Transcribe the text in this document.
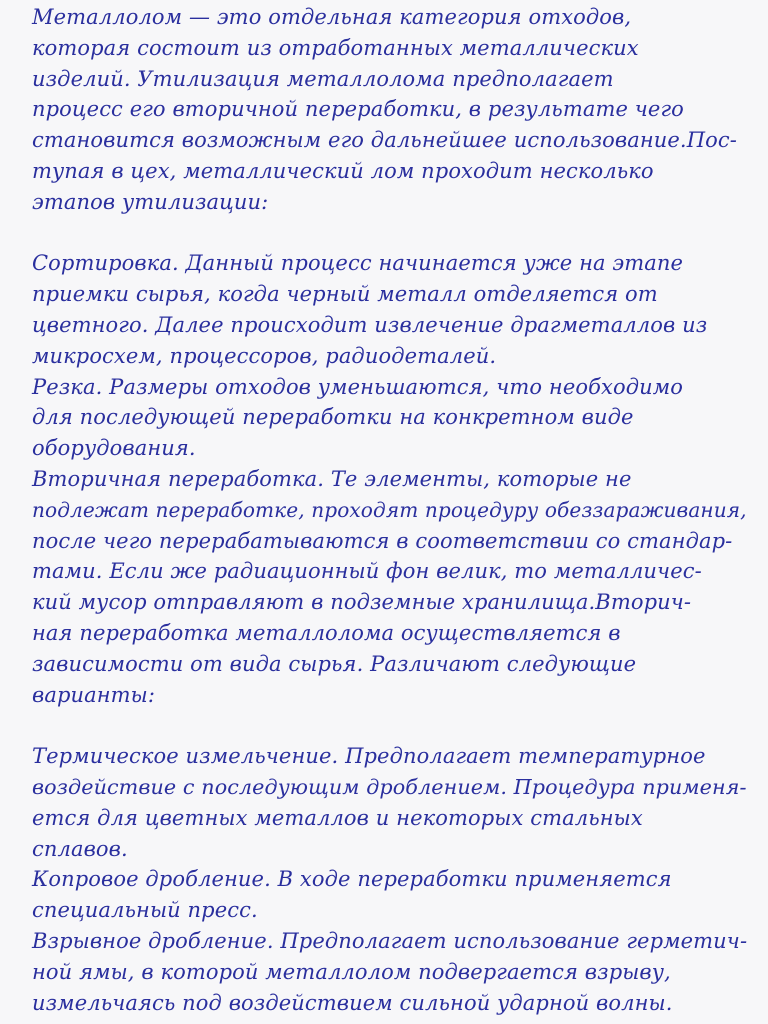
Металлолом — это отдельная категория отходов,
которая состоит из отработанных металлических
изделий. Утилизация металлолома предполагает
процесс его вторичной переработки, в результате чего
становится возможным его дальнейшее использование.Пос-
тупая в цех, металлический лом проходит несколько
этапов утилизации:
Сортировка. Данный процесс начинается уже на этапе
приемки сырья, когда черный металл отделяется от
цветного. Далее происходит извлечение драгметаллов из
микросхем, процессоров, радиодеталей.
Резка. Размеры отходов уменьшаются, что необходимо
для последующей переработки на конкретном виде
оборудования.
Вторичная переработка. Те элементы, которые не
подлежат переработке, проходят процедуру обеззараживания,
после чего перерабатываются в соответствии со стандар-
тами. Если же радиационный фон велик, то металличес-
кий мусор отправляют в подземные хранилища.Вторич-
ная переработка металлолома осуществляется в
зависимости от вида сырья. Различают следующие
варианты:
Термическое измельчение. Предполагает температурное
воздействие с последующим дроблением. Процедура применя-
ется для цветных металлов и некоторых стальных
сплавов.
Копровое дробление. В ходе переработки применяется
специальный пресс.
Взрывное дробление. Предполагает использование герметич-
ной ямы, в которой металлолом подвергается взрыву,
измельчаясь под воздействием сильной ударной волны.
